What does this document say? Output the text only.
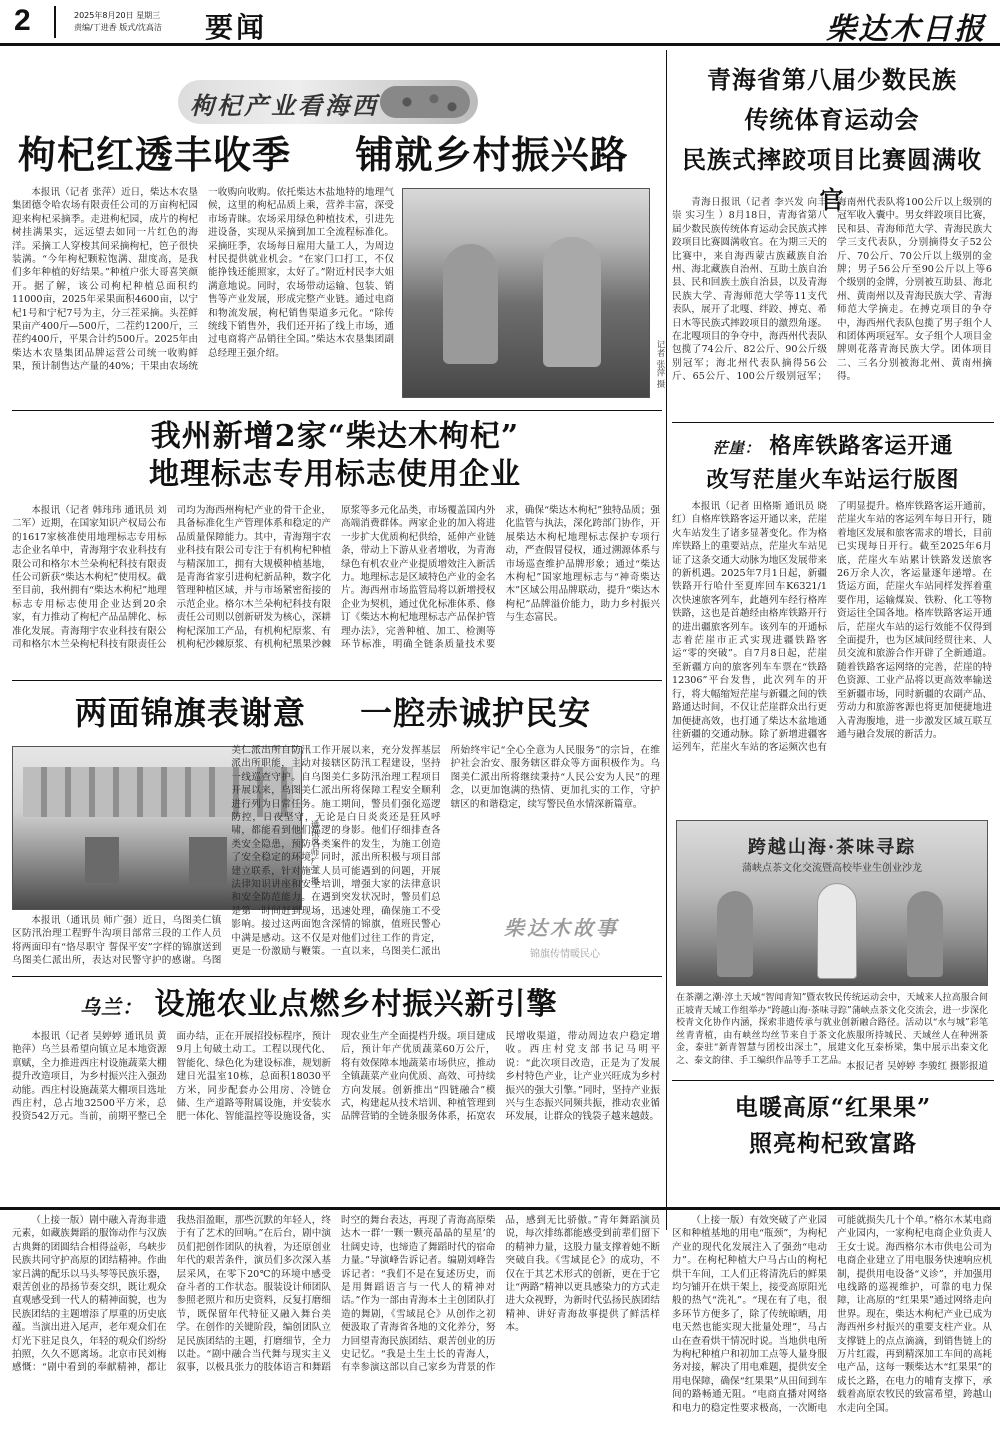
2	2025年8月20日 星期三
责编/丁进香 版式/沈高洁 要闻	柴达木日报
枸杞产业看海西
枸杞红透丰收季 铺就乡村振兴路

本报讯（记者 张萍）近日，柴达木农垦集团德令哈农场有限责任公司的万亩枸杞园迎来枸杞采摘季。走进枸杞园，成片的枸杞树挂满果实，远远望去如同一片红色的海洋。采摘工人穿梭其间采摘枸杞，笆子很快装满。“今年枸杞颗粒饱满、甜度高，是我们多年种植的好结果。”种植户张大哥喜笑颜开。据了解，该公司枸杞种植总面积约11000亩，2025年采果面积4600亩，以宁杞1号和宁杞7号为主，分三茬采摘。头茬鲜果亩产400斤—500斤，二茬约1200斤，三茬约400斤，平果合计约500斤。2025年由柴达木农垦集团品牌运营公司统一收购鲜果，预计制售达产量的40%；干果由农场统一收购向收购。依托柴达木盐地特的地理气候，这里的枸杞品质上乘，营养丰富，深受市场青睐。农场采用绿色种植技术，引进先进设备，实现从采摘到加工全流程标准化。采摘旺季，农场每日雇用大量工人，为周边村民提供就业机会。“在家门口打工，不仅能挣钱还能照家，太好了。”附近村民李大姐满意地说。同时，农场带动运输、包装、销售等产业发展，形成完整产业链。通过电商和物流发展，枸杞销售渠道多元化。“除传统线下销售外，我们还开拓了线上市场，通过电商将产品销往全国。”柴达木农垦集团副总经理王强介绍。	记者 张萍 摄
我州新增2家“柴达木枸杞”
地理标志专用标志使用企业

本报讯（记者 韩玮玮 通讯员 刘二军）近期，在国家知识产权局公布的1617家核准使用地理标志专用标志企业名单中，青海翔宇农业科技有限公司和格尔木兰朵枸杞科技有限责任公司新获“柴达木枸杞”使用权。截至目前，我州拥有“柴达木枸杞”地理标志专用标志使用企业达到20余家，有力推动了枸杞产品品牌化、标准化发展。青海翔宇农业科技有限公司和格尔木兰朵枸杞科技有限责任公司均为海西州枸杞产业的骨干企业，具备标准化生产管理体系和稳定的产品质量保障能力。其中，青海翔宇农业科技有限公司专注于有机枸杞种植与精深加工，拥有大规模种植基地，是青海省家引进枸杞新品种，数字化管理种植区域，并与市场紧密衔接的示范企业。格尔木兰朵枸杞科技有限责任公司则以创新研发为核心，深耕枸杞深加工产品，有机枸杞原浆、有机枸杞沙棘原浆、有机枸杞黑果沙棘原浆等多元化品类，市场覆盖国内外高端消费群体。两家企业的加入将进一步扩大优质枸杞供给，延伸产业链条，带动上下游从业者增收，为青海绿色有机农业产业提质增效注入新活力。地理标志是区域特色产业的金名片。海西州市场监管局将以新增授权企业为契机，通过优化标准体系、修订《柴达木枸杞地理标志产品保护管理办法》，完善种植、加工、检测等环节标准，明确全链条质量技术要求，确保“柴达木枸杞”独特品质；强化监管与执法，深化跨部门协作，开展柴达木枸杞地理标志保护专项行动，严查假冒侵权，通过溯源体系与市场巡查维护品牌形象；通过“柴达木枸杞”国家地理标志与“神奇柴达木”区域公用品牌联动，提升“柴达木枸杞”品牌溢价能力，助力乡村振兴与生态富民。

两面锦旗表谢意 一腔赤诚护民安
通讯员 师广强 摄

本报讯（通讯员 师广强）近日，乌图美仁镇区防汛治理工程野牛沟项目部常三段的工作人员将两面印有“恪尽职守 誓保平安”字样的锦旗送到乌图美仁派出所，表达对民警守护的感谢。乌图美仁派出所自防汛工作开展以来，充分发挥基层派出所职能，主动对接辖区防汛工程建设，坚持一线巡查守护。自乌图美仁多防汛治理工程项目开展以来，乌图美仁派出所将保障工程安全顺利进行列为日常任务。施工期间，警员们强化巡逻防控，日夜坚守，无论是白日炎炎还是狂风呼啸，都能看到他们巡逻的身影。他们仔细排查各类安全隐患，预防各类案件的发生，为施工创造了安全稳定的环境。同时，派出所积极与项目部建立联系，针对施工人员可能遇到的问题，开展法律知识讲座和安全培训，增强大家的法律意识和安全防范能力。在遇到突发状况时，警员们总是第一时间赶到现场，迅速处理，确保施工不受影响。接过这两面饱含深情的锦旗，值班民警心中满是感动。这不仅是对他们过往工作的肯定，更是一份激励与鞭策。一直以来，乌图美仁派出所始终牢记“全心全意为人民服务”的宗旨，在维护社会治安、服务辖区群众等方面积极作为。乌图美仁派出所将继续秉持“人民公安为人民”的理念，以更加饱满的热情、更加扎实的工作，守护辖区的和谐稳定，续写警民鱼水情深新篇章。

柴达木故事
锦旗传情暖民心
乌兰： 设施农业点燃乡村振兴新引擎

本报讯（记者 吴婷婷 通讯员 黄艳萍）乌兰县希望向镇立足本地资源禀赋，全力推进西庄村设施蔬菜大棚提升改造项目，为乡村振兴注入强劲动能。西庄村设施蔬菜大棚项目选址西庄村，总占地32500平方米，总投资542万元。当前，前期平整已全面办结，正在开展招投标程序，预计9月上旬破土动工。工程以现代化、智能化、绿色化为建设标准，规划新建日光温室10栋，总面积18030平方米，同步配套办公用房、冷链仓储、生产道路等附属设施，并安装水肥一体化、智能温控等设施设备，实现农业生产全面提档升级。项目建成后，预计年产优质蔬菜60万公斤，将有效保障本地蔬菜市场供应，推动全镇蔬菜产业向优质、高效、可持续方向发展。创新推出“四链融合”模式，构建起从技术培训、种植管理到品牌营销的全链条服务体系，拓宽农民增收渠道，带动周边农户稳定增收。西庄村党支部书记马明平说：“此次项目改造，正是为了发展乡村特色产业，让产业兴旺成为乡村振兴的强大引擎。”同时，坚持产业振兴与生态振兴同频共振，推动农业循环发展，让群众的钱袋子越来越鼓。

青海省第八届少数民族
传统体育运动会
民族式摔跤项目比赛圆满收官

青海日报讯（记者 李兴发 向丰 崇 实习生 ）8月18日，青海省第八届少数民族传统体育运动会民族式摔跤项目比赛圆满收官。在为期三天的比赛中，来自海西蒙古族藏族自治州、海北藏族自治州、互助土族自治县、民和回族土族自治县，以及青海民族大学、青海师范大学等11支代表队，展开了北嘎、绊跤、搏克、希日木等民族式摔跤项目的激烈角逐。在北嘎项目的争夺中，海西州代表队包揽了74公斤、82公斤、90公斤级别冠军；海北州代表队摘得56公斤、65公斤、100公斤级别冠军；海南州代表队将100公斤以上级别的冠军收入囊中。男女绊跤项目比赛，民和县、青海师范大学、青海民族大学三支代表队，分别摘得女子52公斤、70公斤、70公斤以上级别的金牌；男子56公斤至90公斤以上等6个级别的金牌，分别被互助县、海北州、黄南州以及青海民族大学、青海师范大学摘走。在搏克项目的争夺中，海西州代表队包揽了男子组个人和团体两项冠军。女子组个人项目金牌则花落青海民族大学。团体项目二、三名分别被海北州、黄南州摘得。

茫崖： 格库铁路客运开通
改写茫崖火车站运行版图

本报讯（记者 田格斯 通讯员 晓红）自格库铁路客运开通以来，茫崖火车站发生了诸多显著变化。作为格库铁路上的重要站点，茫崖火车站见证了这条交通大动脉为地区发展带来的新机遇。2025年7月1日起，新疆铁路开行哈什至夏库回车K6321/1次快速旅客列车，此趟列车经行格库铁路，这也是首趟经由格库铁路开行的进出疆旅客列车。该列车的开通标志着茫崖市正式实现进疆铁路客运“零的突破”。自7月8日起，茫崖至新疆方向的旅客列车车票在“铁路12306”平台发售，此次列车的开行，将大幅缩短茫崖与新疆之间的铁路通达时间，不仅让茫崖群众出行更加便捷高效，也打通了柴达木盆地通往新疆的交通动脉。除了新增进疆客运列车，茫崖火车站的客运频次也有了明显提升。格库铁路客运开通前，茫崖火车站的客运列车每日开行，随着地区发展和旅客需求的增长，目前已实现每日开行。截至2025年6月底，茫崖火车站累计铁路发送旅客26万余人次，客运量逐年递增。在货运方面，茫崖火车站同样发挥着重要作用，运输煤炭、铁粉、化工等物资运往全国各地。格库铁路客运开通后，茫崖火车站的运行效能不仅得到全面提升，也为区域间经贸往来、人员交流和旅游合作开辟了全新通道。随着铁路客运网络的完善，茫崖的特色资源、工业产品将以更高效率输送至新疆市场，同时新疆的农副产品、劳动力和旅游客源也将更加便捷地进入青海腹地，进一步激发区域互联互通与融合发展的新活力。

跨越山海·茶味寻踪
蒲峡点茶文化交流暨高校毕业生创业沙龙
在茶潮之潮·淳土天域“智闻青知”暨农牧民传统运动会中，天域来人拉高服合间正坡青天域工作组举办“跨越山海·茶味寻踪”蒲峡点茶文化交流会，进一步深化校青文化协作内涵，探索非遗传承与就业创新融合路径。活动以“水与城”彩笔丝青青植，由有峡丝均丝节来自于茶文化族服所持城民、天域丝人在种洲茶金，泰驻“新青智慧与团校出深土”，展建文化互泰桥梁，集中展示出泰文化之、泰文韵律、手工编织作品等手工艺品。
本报记者 吴婷婷 李骏红 摄影报道
电暖高原“红果果”
照亮枸杞致富路

（上接一版）剧中融入青海非遗元素，如藏族舞蹈的服饰动作与汉族古典舞的团圆结合相得益彰，乌峡步民族共同守护高原的团结精神。作曲家吕满的配乐以马头琴等民族乐器，艰苦创业的昂扬节奏交织，既让观众直观感受到一代人的精神面貌，也为民族团结的主题增添了厚重的历史底蕴。当演出进入尾声，老年观众们在灯光下驻足良久，年轻的观众们纷纷拍照，久久不愿离场。北京市民刘梅感慨：“剧中看到的奉献精神，都让我热泪盈眶，那些沉默的年轻人，终于有了艺术的回响。”在后台，剧中演员们把创作团队的执着，为还原创业年代的艰苦条件，演员们多次深入基层采风，在零下20℃的环境中感受奋斗者的工作状态。服装设计师团队参照老照片和历史资料，反复打磨细节，既保留年代特征又融入舞台美学。在创作的关键阶段，编创团队立足民族团结的主题，打磨细节，全力以赴。“剧中融合当代舞与现实主义叙事，以极具张力的肢体语言和舞蹈时空的舞台表达，再现了青海高原柴达木一群‘一颗一颗亮晶晶的星星’的壮阔史诗，也缔造了舞蹈时代的宿命力量。”导演峰告诉记者。编剧刘峰告诉记者：“我们不是在复述历史，而是用舞蹈语言与一代人的精神对话。”作为一部由青海本土主创团队打造的舞剧，《雪域昆仑》从创作之初便汲取了青海省各地的文化养分，努力回望青海民族团结、艰苦创业的历史记忆。“我是土生土长的青海人，有幸参演这部以自己家乡为背景的作品，感到无比骄傲。”青年舞蹈演员说，每次排练都能感受到前辈们留下的精神力量，这股力量支撑着她不断突破自我。《雪域昆仑》的成功，不仅在于其艺术形式的创新，更在于它让“两路”精神以更具感染力的方式走进大众视野，为新时代弘扬民族团结精神、讲好青海故事提供了鲜活样本。

（上接一版）有效突破了产业园区和种植基地的用电“瓶颈”，为枸杞产业的现代化发展注入了强劲“电动力”。在枸杞种植大户马占山的枸杞烘干车间，工人们正将清洗后的鲜果均匀铺开在烘干架上，接受高原阳光般的热气“洗礼”。“现在有了电，很多环节方便多了，除了传统晾晒，用电天然也能实现大批量处理”，马占山在查看烘干情况时说。当地供电所为枸杞种植户和初加工点等人量身服务对接，解决了用电难题，提供安全用电保障，确保“红果果”从田间到车间的路畅通无阻。“电商直播对网络和电力的稳定性要求极高，一次断电可能就损失几十个单。”格尔木某电商产业园内，一家枸杞电商企业负责人王女士说。海西格尔木市供电公司为电商企业建立了用电服务快速响应机制，提供用电设备“义诊”，并加强用电线路的巡视维护，可靠的电力保障，让高原的“红果果”通过网络走向世界。现在，柴达木枸杞产业已成为海西州乡村振兴的重要支柱产业。从支撑链上的点点滴滴，到销售链上的万片红霞，再到精深加工车间的高耗电产品，这每一颗柴达木“红果果”的成长之路，在电力的哺育支撑下，承载着高原农牧民的致富希望，跨越山水走向全国。
